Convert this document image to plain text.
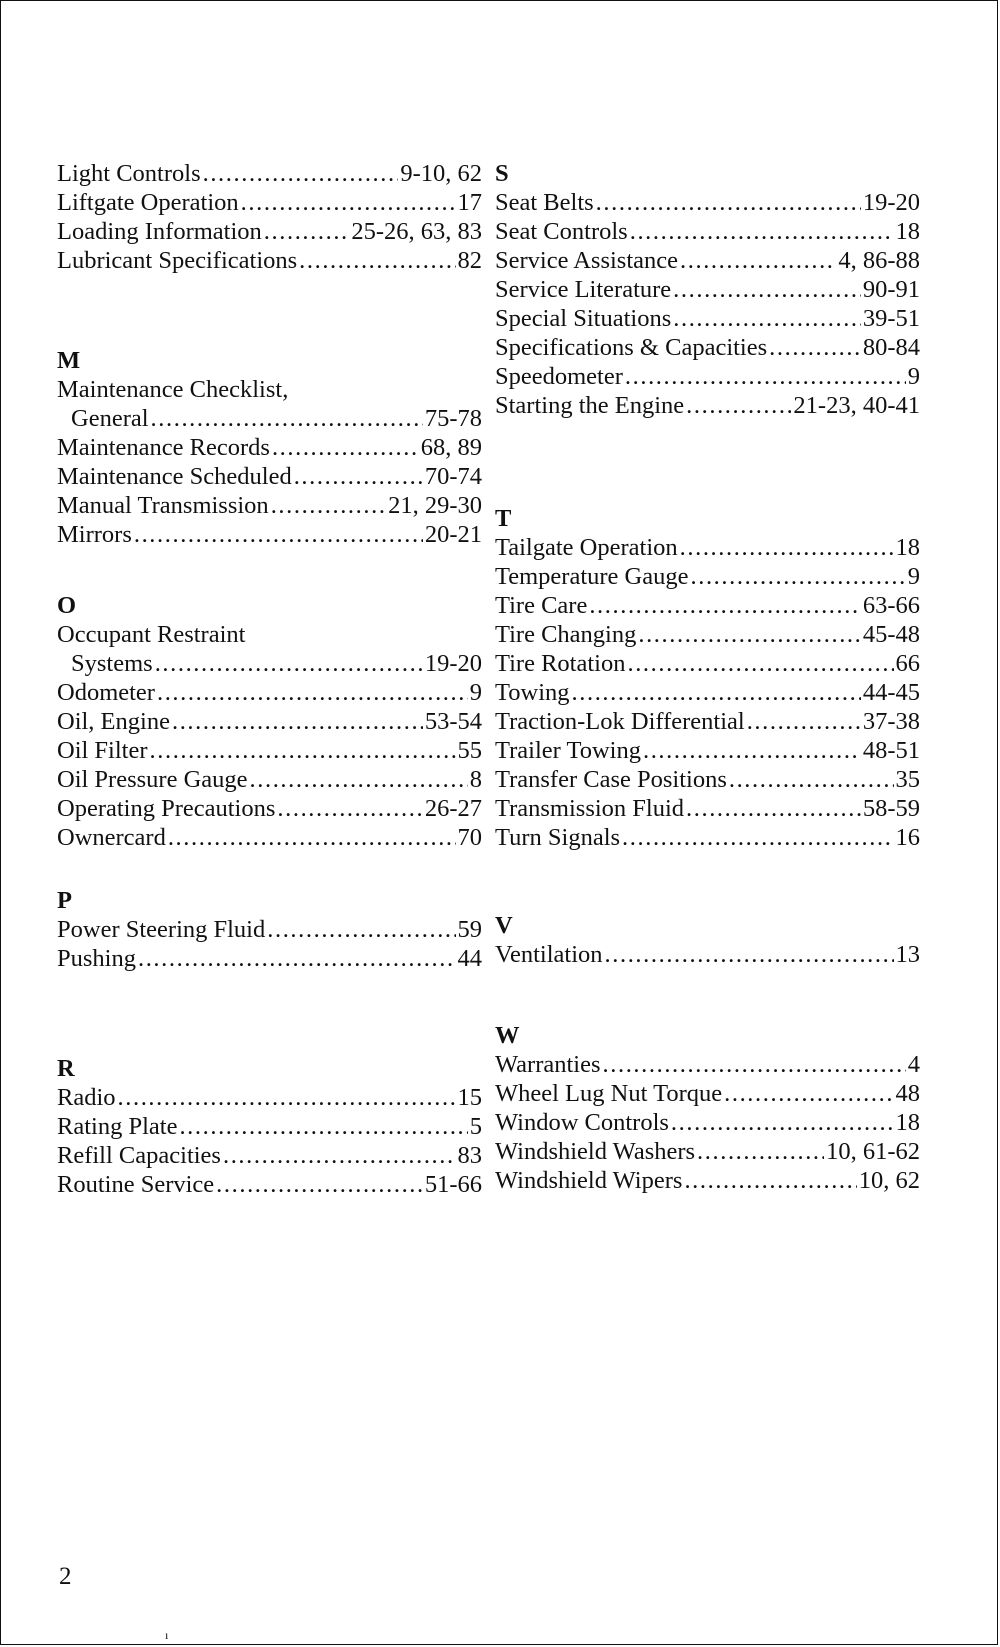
Light Controls .....	9-10, 62
Liftgate Operation .....	17
Loading Information .....	25-26, 63, 83
Lubricant Specifications .....	82
M
Maintenance Checklist,
General .....	75-78
Maintenance Records .....	68, 89
Maintenance Scheduled .....	70-74
Manual Transmission .....	21, 29-30
Mirrors .....	20-21
O
Occupant Restraint
Systems .....	19-20
Odometer .....	9
Oil, Engine .....	53-54
Oil Filter .....	55
Oil Pressure Gauge .....	8
Operating Precautions .....	26-27
Ownercard .....	70
P
Power Steering Fluid .....	59
Pushing .....	44
R
Radio .....	15
Rating Plate .....	5
Refill Capacities .....	83
Routine Service .....	51-66
S
Seat Belts .....	19-20
Seat Controls .....	18
Service Assistance .....	4, 86-88
Service Literature .....	90-91
Special Situations .....	39-51
Specifications & Capacities .....	80-84
Speedometer .....	9
Starting the Engine .....	21-23, 40-41
T
Tailgate Operation .....	18
Temperature Gauge .....	9
Tire Care .....	63-66
Tire Changing .....	45-48
Tire Rotation .....	66
Towing .....	44-45
Traction-Lok Differential .....	37-38
Trailer Towing .....	48-51
Transfer Case Positions .....	35
Transmission Fluid .....	58-59
Turn Signals .....	16
V
Ventilation .....	13
W
Warranties .....	4
Wheel Lug Nut Torque .....	48
Window Controls .....	18
Windshield Washers .....	10, 61-62
Windshield Wipers .....	10, 62
2
ı
